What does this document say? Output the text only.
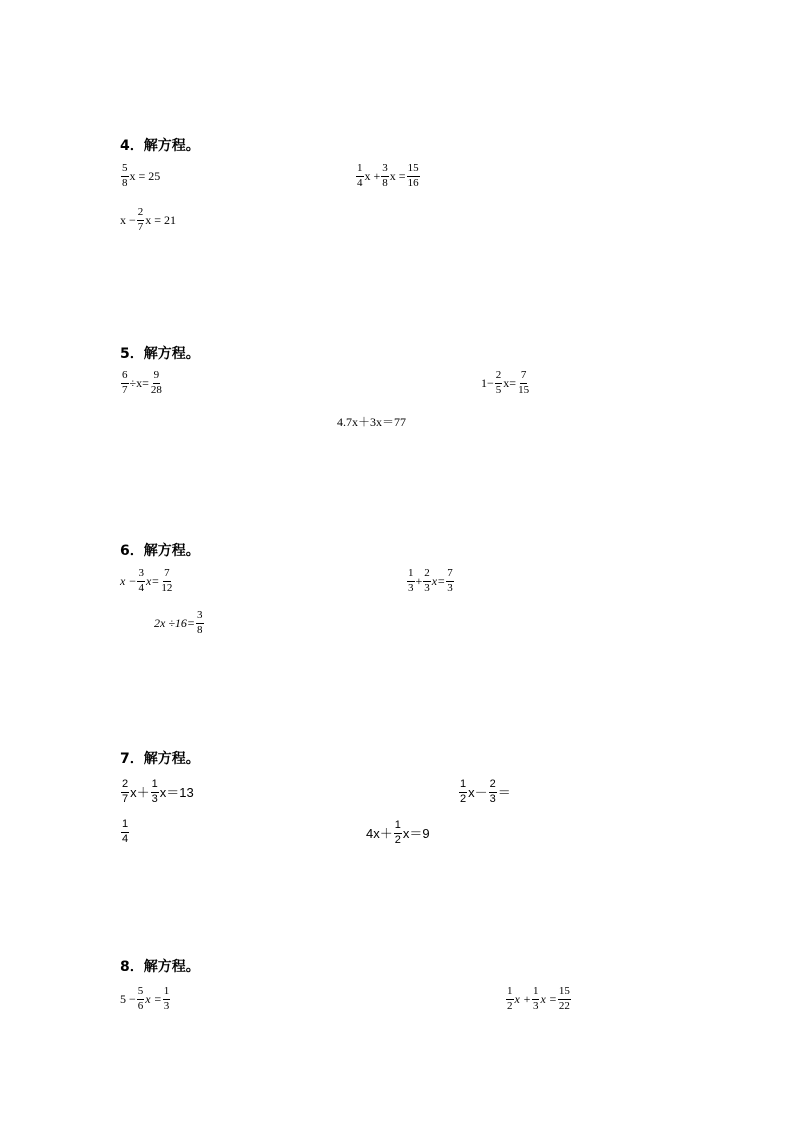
4．解方程。
$\frac{5}{8}$ x = 25	$\frac{1}{4}$ $x + \frac{3}{8}$ $x = \frac{15}{16}$
$x - \frac{2}{7}$ x = 21
5．解方程。
$\frac{6}{7} \div x= \frac{9}{28}$	$1- \frac{2}{5} x= \frac{7}{15}$
4.7x＋3x＝77
6．解方程。
$x - \frac{3}{4} x= \frac{7}{12}$	$\frac{1}{3} + \frac{2}{3} x= \frac{7}{3}$
$2x \div 16= \frac{3}{8}$
7．解方程。
$\frac{2}{7} x+ \frac{1}{3} x=13$	$\frac{1}{2} x- \frac{2}{3}$ ＝
$\frac{1}{4}$	$4x+ \frac{1}{2} x=9$
8．解方程。
$5 - \frac{5}{6}$ $x = \frac{1}{3}$	$\frac{1}{2}$ $x + \frac{1}{3}$ $x = \frac{15}{22}$
